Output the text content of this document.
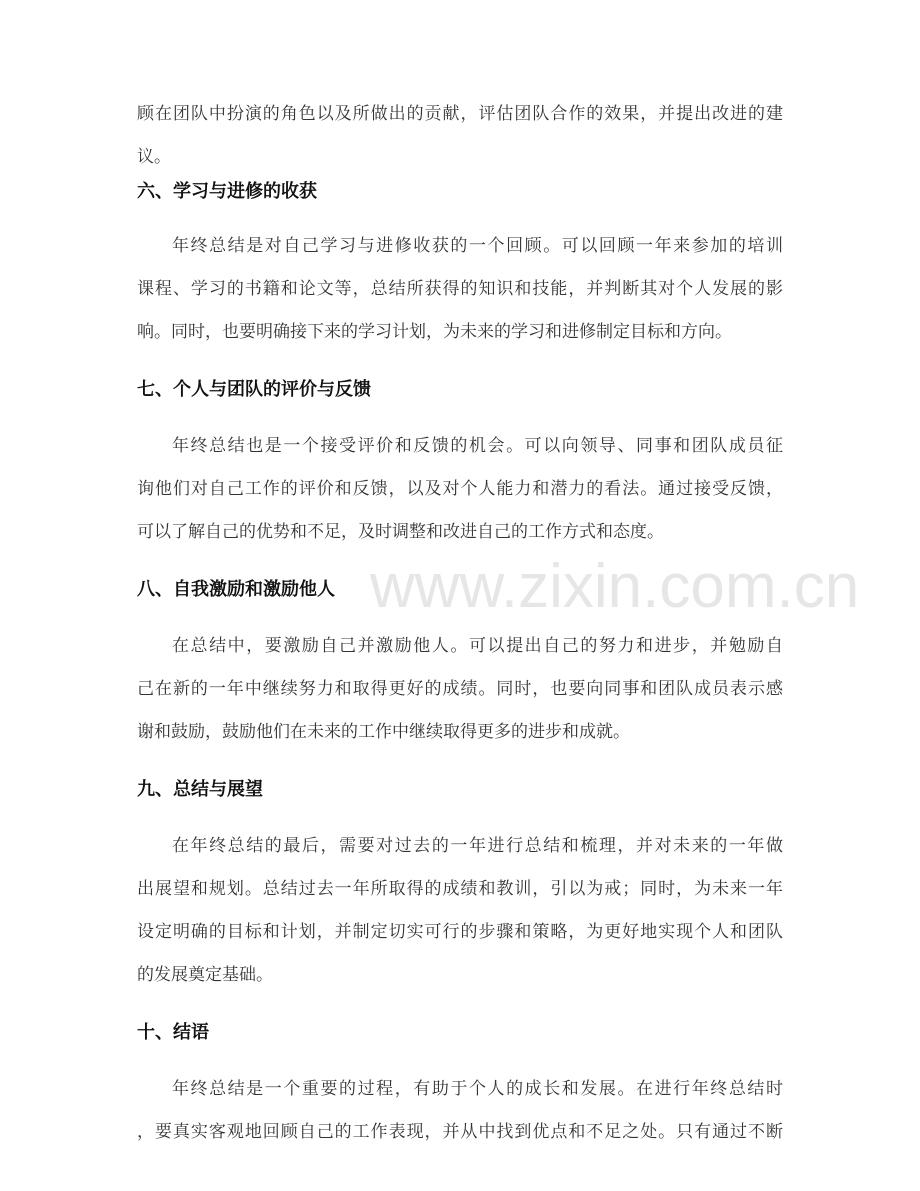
www.zixin.com.cn
顾在团队中扮演的角色以及所做出的贡献，评估团队合作的效果，并提出改进的建
议。
六、学习与进修的收获
年终总结是对自己学习与进修收获的一个回顾。可以回顾一年来参加的培训
课程、学习的书籍和论文等，总结所获得的知识和技能，并判断其对个人发展的影
响。同时，也要明确接下来的学习计划，为未来的学习和进修制定目标和方向。
七、个人与团队的评价与反馈
年终总结也是一个接受评价和反馈的机会。可以向领导、同事和团队成员征
询他们对自己工作的评价和反馈，以及对个人能力和潜力的看法。通过接受反馈，
可以了解自己的优势和不足，及时调整和改进自己的工作方式和态度。
八、自我激励和激励他人
在总结中，要激励自己并激励他人。可以提出自己的努力和进步，并勉励自
己在新的一年中继续努力和取得更好的成绩。同时，也要向同事和团队成员表示感
谢和鼓励，鼓励他们在未来的工作中继续取得更多的进步和成就。
九、总结与展望
在年终总结的最后，需要对过去的一年进行总结和梳理，并对未来的一年做
出展望和规划。总结过去一年所取得的成绩和教训，引以为戒；同时，为未来一年
设定明确的目标和计划，并制定切实可行的步骤和策略，为更好地实现个人和团队
的发展奠定基础。
十、结语
年终总结是一个重要的过程，有助于个人的成长和发展。在进行年终总结时
，要真实客观地回顾自己的工作表现，并从中找到优点和不足之处。只有通过不断
